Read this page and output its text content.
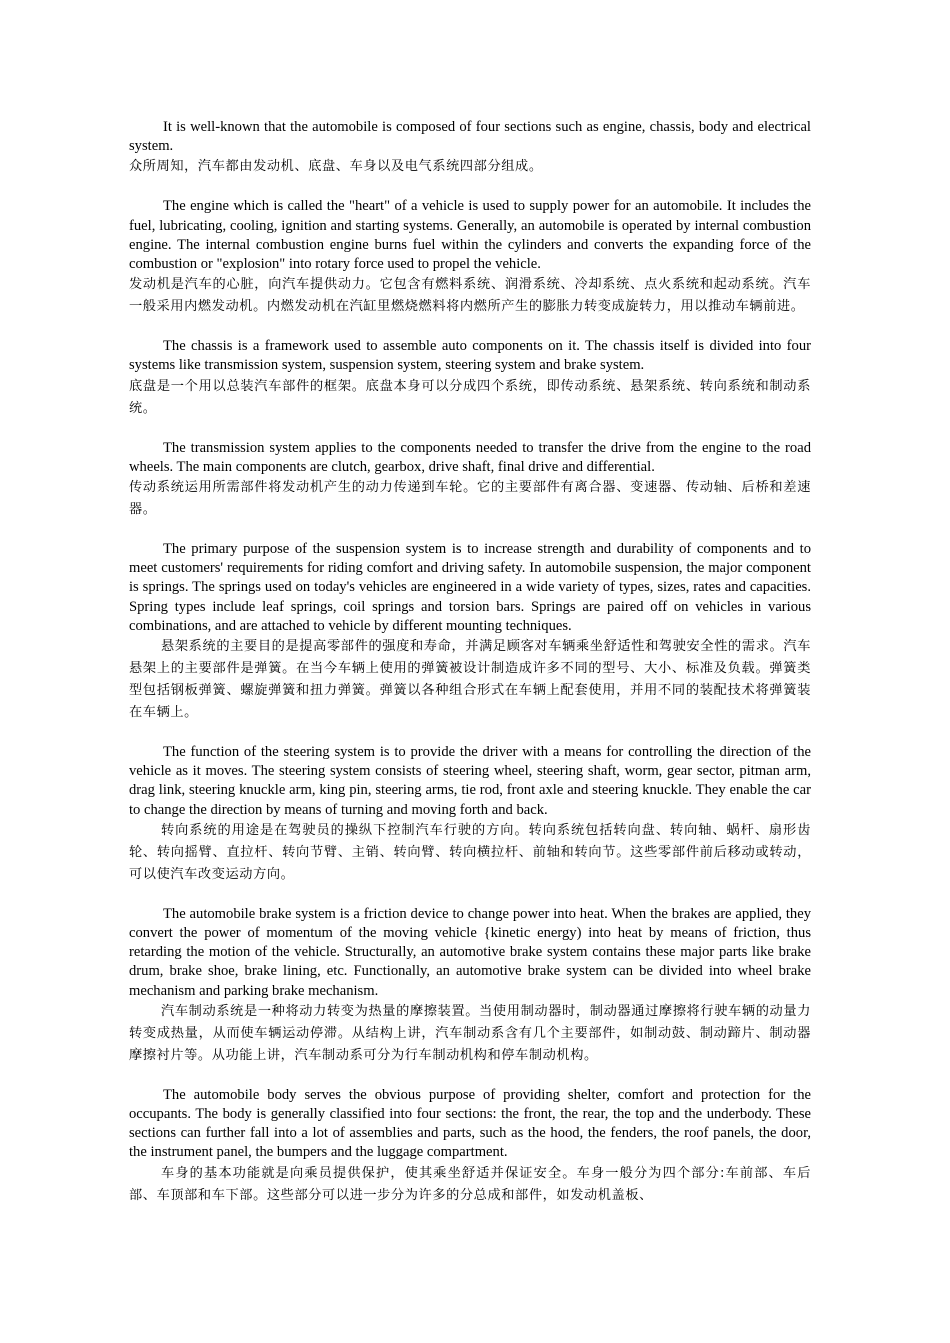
It is well-known that the automobile is composed of four sections such as engine, chassis, body and electrical system.

众所周知，汽车都由发动机、底盘、车身以及电气系统四部分组成。

The engine which is called the "heart" of a vehicle is used to supply power for an automobile. It includes the fuel, lubricating, cooling, ignition and starting systems. Generally, an automobile is operated by internal combustion engine. The internal combustion engine burns fuel within the cylinders and converts the expanding force of the combustion or "explosion" into rotary force used to propel the vehicle.

发动机是汽车的心脏，向汽车提供动力。它包含有燃料系统、润滑系统、冷却系统、点火系统和起动系统。汽车一般采用内燃发动机。内燃发动机在汽缸里燃烧燃料将内燃所产生的膨胀力转变成旋转力，用以推动车辆前进。

The chassis is a framework used to assemble auto components on it. The chassis itself is divided into four systems like transmission system, suspension system, steering system and brake system.

底盘是一个用以总装汽车部件的框架。底盘本身可以分成四个系统，即传动系统、悬架系统、转向系统和制动系统。

The transmission system applies to the components needed to transfer the drive from the engine to the road wheels. The main components are clutch, gearbox, drive shaft, final drive and differential.

传动系统运用所需部件将发动机产生的动力传递到车轮。它的主要部件有离合器、变速器、传动轴、后桥和差速器。

The primary purpose of the suspension system is to increase strength and durability of components and to meet customers' requirements for riding comfort and driving safety. In automobile suspension, the major component is springs. The springs used on today's vehicles are engineered in a wide variety of types, sizes, rates and capacities. Spring types include leaf springs, coil springs and torsion bars. Springs are paired off on vehicles in various combinations, and are attached to vehicle by different mounting techniques.

悬架系统的主要目的是提高零部件的强度和寿命，并满足顾客对车辆乘坐舒适性和驾驶安全性的需求。汽车悬架上的主要部件是弹簧。在当今车辆上使用的弹簧被设计制造成许多不同的型号、大小、标准及负载。弹簧类型包括钢板弹簧、螺旋弹簧和扭力弹簧。弹簧以各种组合形式在车辆上配套使用，并用不同的装配技术将弹簧装在车辆上。

The function of the steering system is to provide the driver with a means for controlling the direction of the vehicle as it moves. The steering system consists of steering wheel, steering shaft, worm, gear sector, pitman arm, drag link, steering knuckle arm, king pin, steering arms, tie rod, front axle and steering knuckle. They enable the car to change the direction by means of turning and moving forth and back.

转向系统的用途是在驾驶员的操纵下控制汽车行驶的方向。转向系统包括转向盘、转向轴、蜗杆、扇形齿轮、转向摇臂、直拉杆、转向节臂、主销、转向臂、转向横拉杆、前轴和转向节。这些零部件前后移动或转动，可以使汽车改变运动方向。

The automobile brake system is a friction device to change power into heat. When the brakes are applied, they convert the power of momentum of the moving vehicle {kinetic energy) into heat by means of friction, thus retarding the motion of the vehicle. Structurally, an automotive brake system contains these major parts like brake drum, brake shoe, brake lining, etc. Functionally, an automotive brake system can be divided into wheel brake mechanism and parking brake mechanism.

汽车制动系统是一种将动力转变为热量的摩擦装置。当使用制动器时，制动器通过摩擦将行驶车辆的动量力转变成热量，从而使车辆运动停滞。从结构上讲，汽车制动系含有几个主要部件，如制动鼓、制动蹄片、制动器摩擦衬片等。从功能上讲，汽车制动系可分为行车制动机构和停车制动机构。

The automobile body serves the obvious purpose of providing shelter, comfort and protection for the occupants. The body is generally classified into four sections: the front, the rear, the top and the underbody. These sections can further fall into a lot of assemblies and parts, such as the hood, the fenders, the roof panels, the door, the instrument panel, the bumpers and the luggage compartment.

车身的基本功能就是向乘员提供保护，使其乘坐舒适并保证安全。车身一般分为四个部分:车前部、车后部、车顶部和车下部。这些部分可以进一步分为许多的分总成和部件，如发动机盖板、
